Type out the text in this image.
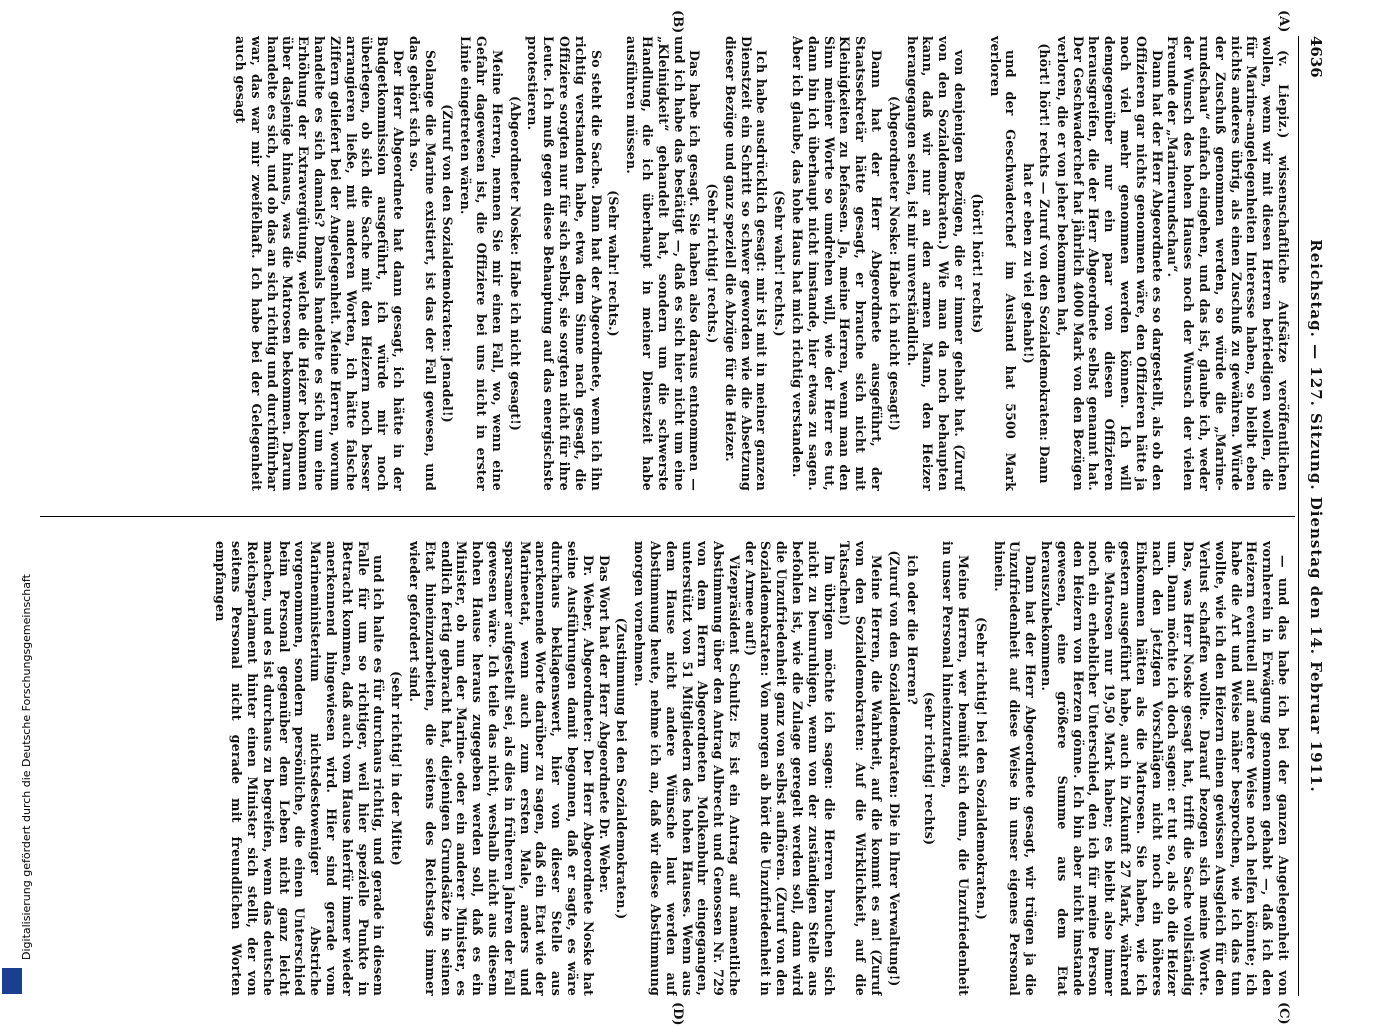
4636
Reichstag. — 127. Sitzung. Dienstag den 14. Februar 1911.
(A)
(B)
(C)
(D)

(v. Liepiz.) wissenschaftliche Aufsätze veröffentlichen wollen, wenn wir mit diesen Herren befriedigen wollen, die für Marine-angelegenheiten Interesse haben, so bleibt eben nichts anderes übrig, als einen Zuschuß zu gewähren. Würde der Zuschuß genommen werden, so würde die „Marine-rundschau“ einfach eingehen, und das ist, glaube ich, weder der Wunsch des hohen Hauses noch der Wunsch der vielen Freunde der „Marinerundschau“.

Dann hat der Herr Abgeordnete es so dargestellt, als ob den Offizieren gar nichts genommen wäre, den Offizieren hätte ja noch viel mehr genommen werden können. Ich will demgegenüber nur ein paar von diesen Offizieren herausgreifen, die der Herr Abgeordnete selbst genannt hat. Der Geschwaderchef hat jährlich 4000 Mark von den Bezügen verloren, die er von jeher bekommen hat,

(hört! hört! rechts — Zuruf von den Sozialdemokraten: Dann hat er eben zu viel gehabt!)

und der Geschwaderchef im Ausland hat 5500 Mark verloren

(hört! hört! rechts)

von denjenigen Bezügen, die er immer gehabt hat. (Zuruf von den Sozialdemokraten.) Wie man da noch behaupten kann, daß wir nur an den armen Mann, den Heizer herangegangen seien, ist mir unverständlich.

(Abgeordneter Noske: Habe ich nicht gesagt!)

Dann hat der Herr Abgeordnete ausgeführt, der Staatssekretär hätte gesagt, er brauche sich nicht mit Kleinigkeiten zu befassen. Ja, meine Herren, wenn man den Sinn meiner Worte so umdrehen will, wie der Herr es tut, dann bin ich überhaupt nicht imstande, hier etwas zu sagen. Aber ich glaube, das hohe Haus hat mich richtig verstanden.

(Sehr wahr! rechts.)

Ich habe ausdrücklich gesagt: mir ist mit in meiner ganzen Dienstzeit ein Schritt so schwer geworden wie die Absetzung dieser Bezüge und ganz speziell die Abzüge für die Heizer.

(Sehr richtig! rechts.)

Das habe ich gesagt. Sie haben also daraus entnommen — und ich habe das bestätigt —, daß es sich hier nicht um eine „Kleinigkeit“ gehandelt hat, sondern um die schwerste Handlung, die ich überhaupt in meiner Dienstzeit habe ausführen müssen.

(Sehr wahr! rechts.)

So steht die Sache. Dann hat der Abgeordnete, wenn ich ihn richtig verstanden habe, etwa dem Sinne nach gesagt, die Offiziere sorgten nur für sich selbst, sie sorgten nicht für ihre Leute. Ich muß gegen diese Behauptung auf das energischste protestieren.

(Abgeordneter Noske: Habe ich nicht gesagt!)

Meine Herren, nennen Sie mir einen Fall, wo, wenn eine Gefahr dagewesen ist, die Offiziere bei uns nicht in erster Linie eingetreten wären.

(Zuruf von den Sozialdemokraten: Jenadel!)

Solange die Marine existiert, ist das der Fall gewesen, und das gehört sich so.

Der Herr Abgeordnete hat dann gesagt, ich hätte in der Budgetkommission ausgeführt, ich würde mir noch überlegen, ob sich die Sache mit den Heizern noch besser arrangieren ließe, mit anderen Worten, ich hätte falsche Ziffern geliefert bei der Angelegenheit. Meine Herren, worum handelte es sich damals? Damals handelte es sich um eine Erhöhung der Extravergütung, welche die Heizer bekommen über dasjenige hinaus, was die Matrosen bekommen. Darum handelte es sich, und ob das an sich richtig und durchführbar war, das war mir zweifelhaft. Ich habe bei der Gelegenheit auch gesagt

— und das habe ich bei der ganzen Angelegenheit von vornherein in Erwägung genommen gehabt —, daß ich den Heizern eventuell auf andere Weise noch helfen könnte; ich habe die Art und Weise näher besprochen, wie ich das tun wollte, wie ich den Heizern einen gewissen Ausgleich für den Verlust schaffen wollte. Darauf bezogen sich meine Worte. Das, was Herr Noske gesagt hat, trifft die Sache vollständig um. Dann möchte ich doch sagen: er tut so, als ob die Heizer nach den jetzigen Vorschlägen nicht noch ein höheres Einkommen hätten als die Matrosen. Sie haben, wie ich gestern ausgeführt habe, auch in Zukunft 27 Mark, während die Matrosen nur 19,50 Mark haben; es bleibt also immer noch ein erheblicher Unterschied, den ich für meine Person den Heizern von Herzen gönne. Ich bin aber nicht imstande gewesen, eine größere Summe aus dem Etat herauszubekommen.

Dann hat der Herr Abgeordnete gesagt, wir trügen ja die Unzufriedenheit auf diese Weise in unser eigenes Personal hinein.

(Sehr richtig! bei den Sozialdemokraten.)

Meine Herren, wer bemüht sich denn, die Unzufriedenheit in unser Personal hineinzutragen,

(sehr richtig! rechts)

ich oder die Herren?

(Zuruf von den Sozialdemokraten: Die in Ihrer Verwaltung!)

Meine Herren, die Wahrheit, auf die kommt es an! (Zuruf von den Sozialdemokraten: Auf die Wirklichkeit, auf die Tatsachen!)

Im übrigen möchte ich sagen: die Herren brauchen sich nicht zu beunruhigen, wenn von der zuständigen Stelle aus befohlen ist, wie die Zulage geregelt werden soll, dann wird die Unzufriedenheit ganz von selbst aufhören. (Zuruf von den Sozialdemokraten: Von morgen ab hört die Unzufriedenheit in der Armee auf!)

Vizepräsident Schultz: Es ist ein Antrag auf namentliche Abstimmung über den Antrag Albrecht und Genossen Nr. 729 von dem Herrn Abgeordneten Molkenbuhr eingegangen, unterstützt von 51 Mitgliedern des hohen Hauses. Wenn aus dem Hause nicht andere Wünsche laut werden auf Abstimmung heute, nehme ich an, daß wir diese Abstimmung morgen vornehmen.

(Zustimmung bei den Sozialdemokraten.)

Das Wort hat der Herr Abgeordnete Dr. Weber.

Dr. Weber, Abgeordneter: Der Herr Abgeordnete Noske hat seine Ausführungen damit begonnen, daß er sagte, es wäre durchaus beklagenswert, hier von dieser Stelle aus anerkennende Worte darüber zu sagen, daß ein Etat wie der Marineetat, wenn auch zum ersten Male, anders und sparsamer aufgestellt sei, als dies in früheren Jahren der Fall gewesen wäre. Ich teile das nicht, weshalb nicht aus diesem hohen Hause heraus zugegeben werden soll, daß es ein Minister, ob nun der Marine- oder ein anderer Minister, es endlich fertig gebracht hat, diejenigen Grundsätze in seinen Etat hineinzuarbeiten, die seitens des Reichstags immer wieder gefordert sind.

(sehr richtig! in der Mitte)

und ich halte es für durchaus richtig, und gerade in diesem Falle für um so richtiger, weil hier spezielle Punkte in Betracht kommen, daß auch vom Hause hierfür immer wieder anerkennend hingewiesen wird. Hier sind gerade vom Marineministerium nichtsdestoweniger Abstriche vorgenommen, sondern persönliche, die einen Unterschied beim Personal gegenüber dem Leben nicht ganz leicht machen, und es ist durchaus zu begreifen, wenn das deutsche Reichsparlament hinter einen Minister sich stellt, der von seitens Personal nicht gerade mit freundlichen Worten empfangen

Digitalisierung gefördert durch die Deutsche Forschungsgemeinschaft
